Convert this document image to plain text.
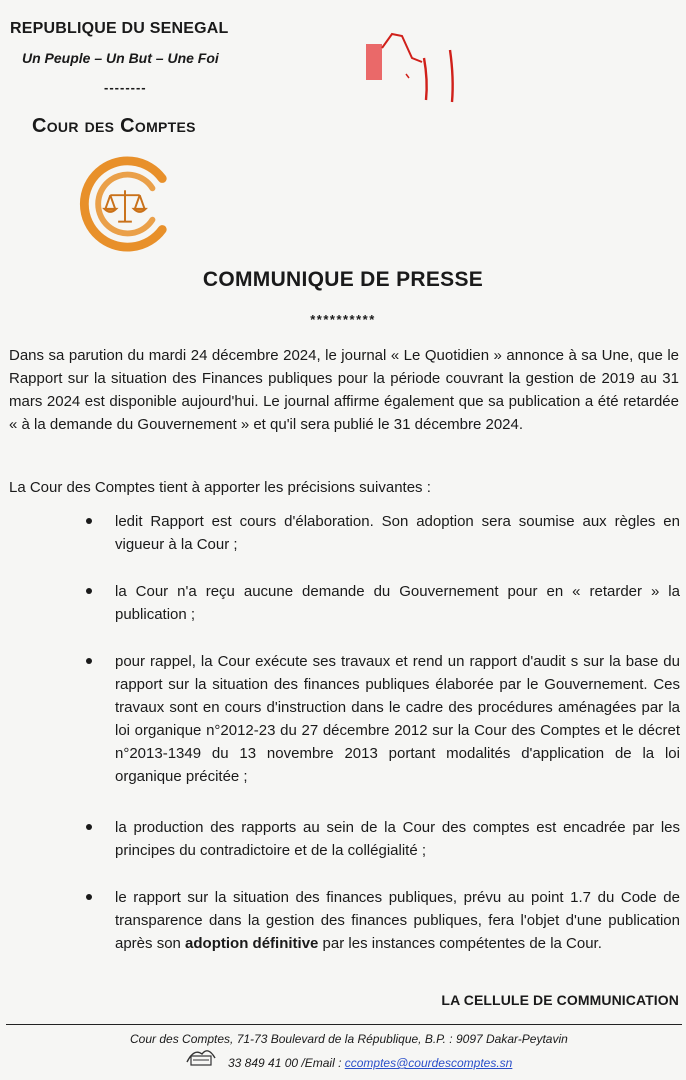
REPUBLIQUE DU SENEGAL
Un Peuple – Un But – Une Foi
--------
Cour des Comptes
COMMUNIQUE DE PRESSE
**********
Dans sa parution du mardi 24 décembre 2024, le journal « Le Quotidien » annonce à sa Une, que le Rapport sur la situation des Finances publiques pour la période couvrant la gestion de 2019 au 31 mars 2024 est disponible aujourd'hui. Le journal affirme également que sa publication a été retardée « à la demande du Gouvernement » et qu'il sera publié le 31 décembre 2024.
La Cour des Comptes tient à apporter les précisions suivantes :
ledit Rapport est cours d'élaboration. Son adoption sera soumise aux règles en vigueur à la Cour ;
la Cour n'a reçu aucune demande du Gouvernement pour en « retarder » la publication ;
pour rappel, la Cour exécute ses travaux et rend un rapport d'audit s sur la base du rapport sur la situation des finances publiques élaborée par le Gouvernement. Ces travaux sont en cours d'instruction dans le cadre des procédures aménagées par la loi organique n°2012-23 du 27 décembre 2012 sur la Cour des Comptes et le décret n°2013-1349 du 13 novembre 2013 portant modalités d'application de la loi organique précitée ;
la production des rapports au sein de la Cour des comptes est encadrée par les principes du contradictoire et de la collégialité ;
le rapport sur la situation des finances publiques, prévu au point 1.7 du Code de transparence dans la gestion des finances publiques, fera l'objet d'une publication après son adoption définitive par les instances compétentes de la Cour.
LA CELLULE DE COMMUNICATION
Cour des Comptes, 71-73 Boulevard de la République, B.P. : 9097 Dakar-Peytavin
33 849 41 00 /Email : ccomptes@courdescomptes.sn
